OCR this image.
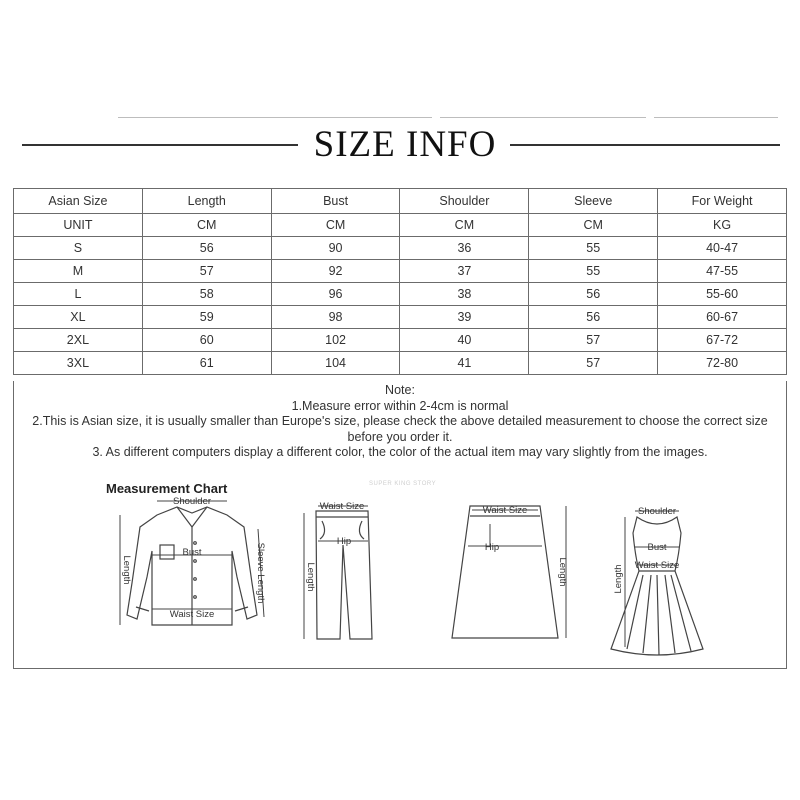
SIZE INFO
Asian Size	Length	Bust	Shoulder	Sleeve	For Weight
UNIT	CM	CM	CM	CM	KG
S	56	90	36	55	40-47
M	57	92	37	55	47-55
L	58	96	38	56	55-60
XL	59	98	39	56	60-67
2XL	60	102	40	57	67-72
3XL	61	104	41	57	72-80
Note:
1.Measure error within 2-4cm is normal
2.This is Asian size, it is usually smaller than Europe's size, please check the above detailed measurement to choose the correct size before you order it.
3. As different computers display a different color, the color of the actual item may vary slightly from the images.
Measurement Chart	SUPER KING STORY
Shoulder
Bust
Waist Size
Length	Sleeve Length
Waist Size
Hip
Length
Waist Size
Hip
Length
Shoulder
Bust
Waist Size
Length
